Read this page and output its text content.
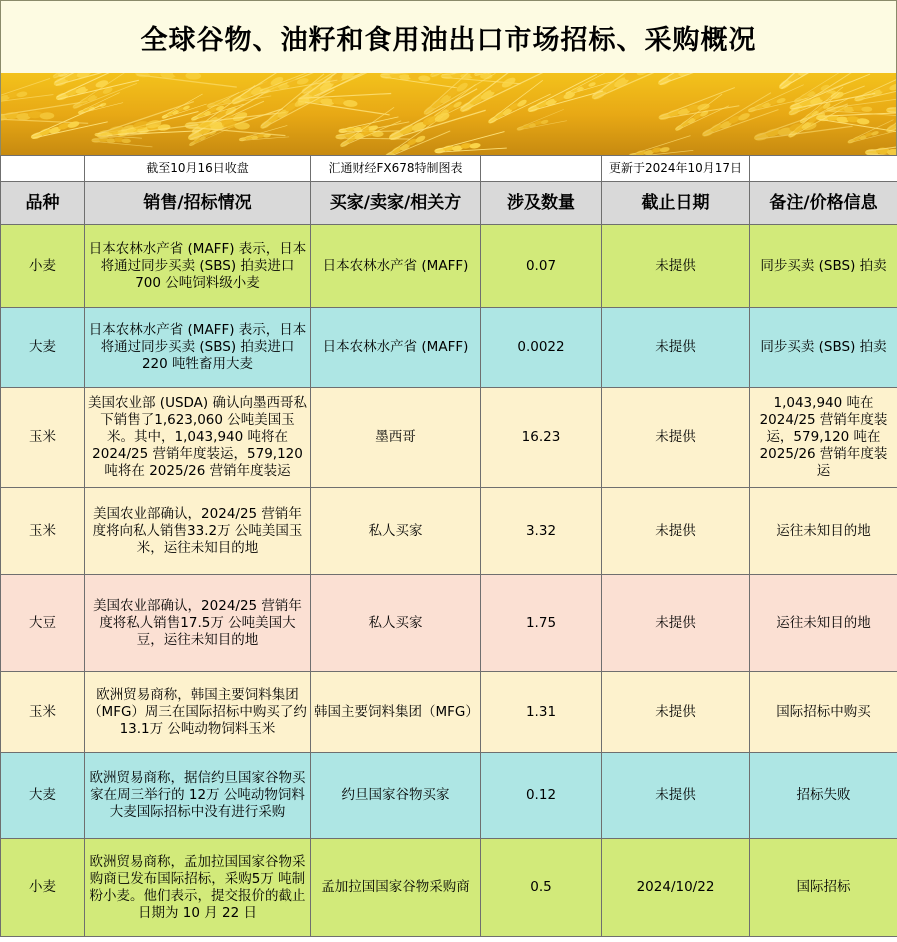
全球谷物、油籽和食用油出口市场招标、采购概况
	截至10月16日收盘	汇通财经FX678特制图表		更新于2024年10月17日	
品种	销售/招标情况	买家/卖家/相关方	涉及数量	截止日期	备注/价格信息
小麦	日本农林水产省 (MAFF) 表示，日本将通过同步买卖 (SBS) 拍卖进口 700 公吨饲料级小麦	日本农林水产省 (MAFF)	0.07	未提供	同步买卖 (SBS) 拍卖
大麦	日本农林水产省 (MAFF) 表示，日本将通过同步买卖 (SBS) 拍卖进口 220 吨牲畜用大麦	日本农林水产省 (MAFF)	0.0022	未提供	同步买卖 (SBS) 拍卖
玉米	美国农业部 (USDA) 确认向墨西哥私下销售了1,623,060 公吨美国玉米。其中，1,043,940 吨将在 2024/25 营销年度装运，579,120 吨将在 2025/26 营销年度装运	墨西哥	16.23	未提供	1,043,940 吨在 2024/25 营销年度装运，579,120 吨在 2025/26 营销年度装运
玉米	美国农业部确认，2024/25 营销年度将向私人销售33.2万 公吨美国玉米，运往未知目的地	私人买家	3.32	未提供	运往未知目的地
大豆	美国农业部确认，2024/25 营销年度将私人销售17.5万 公吨美国大豆，运往未知目的地	私人买家	1.75	未提供	运往未知目的地
玉米	欧洲贸易商称，韩国主要饲料集团（MFG）周三在国际招标中购买了约 13.1万 公吨动物饲料玉米	韩国主要饲料集团（MFG）	1.31	未提供	国际招标中购买
大麦	欧洲贸易商称，据信约旦国家谷物买家在周三举行的 12万 公吨动物饲料大麦国际招标中没有进行采购	约旦国家谷物买家	0.12	未提供	招标失败
小麦	欧洲贸易商称，孟加拉国国家谷物采购商已发布国际招标，采购5万 吨制粉小麦。他们表示，提交报价的截止日期为 10 月 22 日	孟加拉国国家谷物采购商	0.5	2024/10/22	国际招标
